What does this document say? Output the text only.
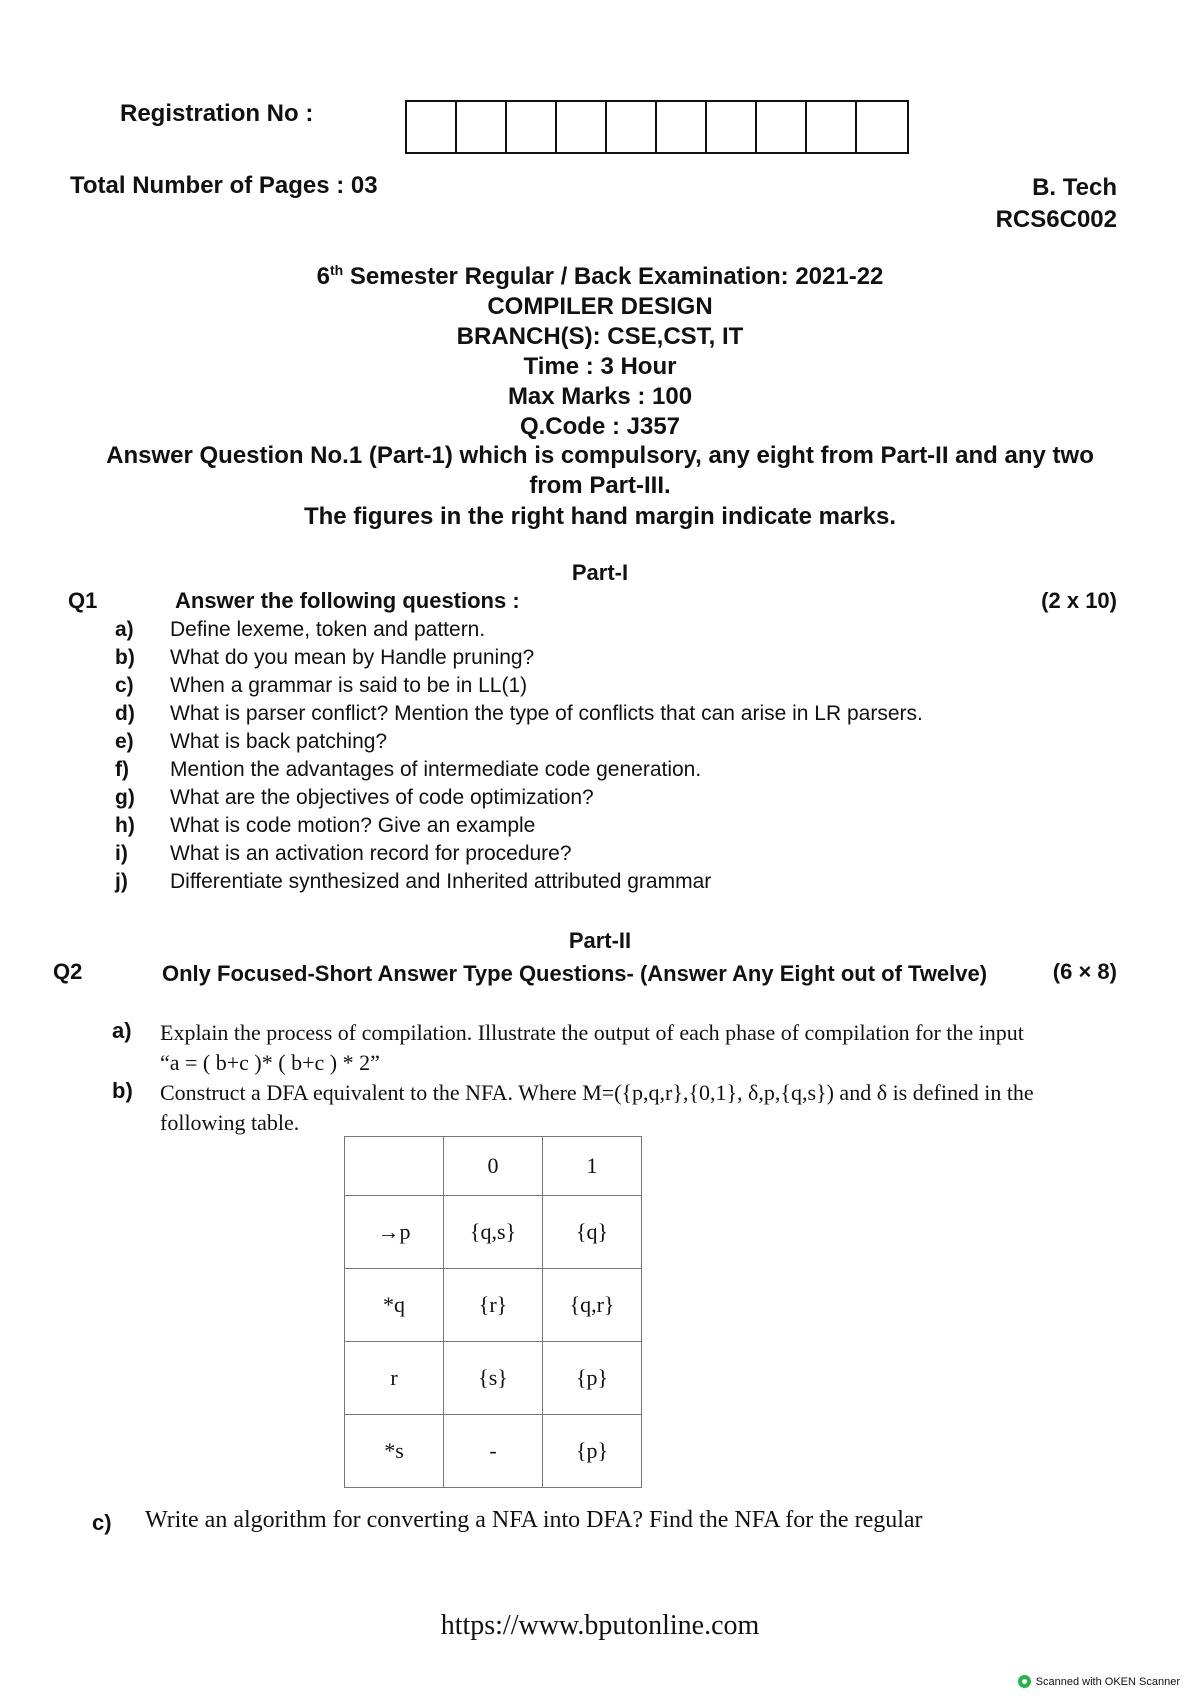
Registration No :
Total Number of Pages : 03	B. Tech
RCS6C002
6th Semester Regular / Back Examination: 2021-22
COMPILER DESIGN
BRANCH(S): CSE,CST, IT
Time : 3 Hour
Max Marks : 100
Q.Code : J357
Answer Question No.1 (Part-1) which is compulsory, any eight from Part-II and any two
from Part-III.
The figures in the right hand margin indicate marks.
Part-I
Q1	Answer the following questions :	(2 x 10)
a)	Define lexeme, token and pattern.
b)	What do you mean by Handle pruning?
c)	When a grammar is said to be in LL(1)
d)	What is parser conflict? Mention the type of conflicts that can arise in LR parsers.
e)	What is back patching?
f)	Mention the advantages of intermediate code generation.
g)	What are the objectives of code optimization?
h)	What is code motion? Give an example
i)	What is an activation record for procedure?
j)	Differentiate synthesized and Inherited attributed grammar
Part-II
Q2	Only Focused-Short Answer Type Questions- (Answer Any Eight out of Twelve)	(6 × 8)
a) Explain the process of compilation. Illustrate the output of each phase of compilation for the input “a = ( b+c )* ( b+c ) * 2”
b) Construct a DFA equivalent to the NFA. Where M=({p,q,r},{0,1}, δ,p,{q,s}) and δ is defined in the following table.
	0	1
→p	{q,s}	{q}
*q	{r}	{q,r}
r	{s}	{p}
*s	-	{p}
c) Write an algorithm for converting a NFA into DFA? Find the NFA for the regular
https://www.bputonline.com
Scanned with OKEN Scanner
